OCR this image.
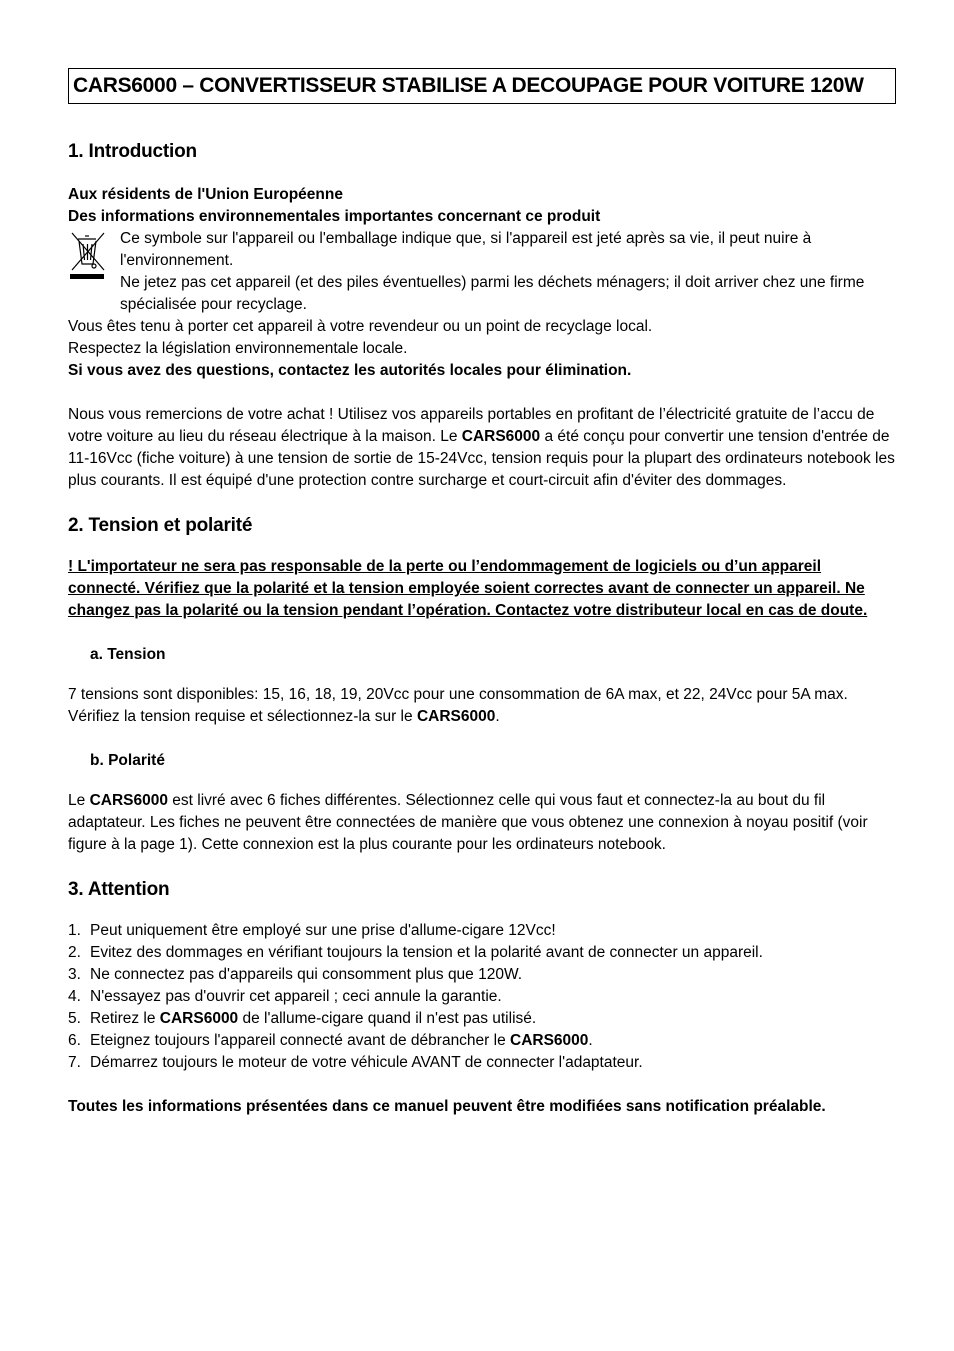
CARS6000 – CONVERTISSEUR STABILISE A DECOUPAGE POUR VOITURE 120W
1. Introduction

Aux résidents de l'Union Européenne

Des informations environnementales importantes concernant ce produit

Ce symbole sur l'appareil ou l'emballage indique que, si l'appareil est jeté après sa vie, il peut nuire à l'environnement.

Ne jetez pas cet appareil (et des piles éventuelles) parmi les déchets ménagers; il doit arriver chez une firme spécialisée pour recyclage.

Vous êtes tenu à porter cet appareil à votre revendeur ou un point de recyclage local.

Respectez la législation environnementale locale.

Si vous avez des questions, contactez les autorités locales pour élimination.

Nous vous remercions de votre achat ! Utilisez vos appareils portables en profitant de l’électricité gratuite de l’accu de votre voiture au lieu du réseau électrique à la maison. Le CARS6000 a été conçu pour convertir une tension d'entrée de 11-16Vcc (fiche voiture) à une tension de sortie de 15-24Vcc, tension requis pour la plupart des ordinateurs notebook les plus courants. Il est équipé d'une protection contre surcharge et court-circuit afin d'éviter des dommages.

2. Tension et polarité

! L'importateur ne sera pas responsable de la perte ou l’endommagement de logiciels ou d’un appareil connecté. Vérifiez que la polarité et la tension employée soient correctes avant de connecter un appareil. Ne changez pas la polarité ou la tension pendant l’opération. Contactez votre distributeur local en cas de doute.

a. Tension

7 tensions sont disponibles: 15, 16, 18, 19, 20Vcc pour une consommation de 6A max, et 22, 24Vcc pour 5A max. Vérifiez la tension requise et sélectionnez-la sur le CARS6000.

b. Polarité

Le CARS6000 est livré avec 6 fiches différentes. Sélectionnez celle qui vous faut et connectez-la au bout du fil adaptateur. Les fiches ne peuvent être connectées de manière que vous obtenez une connexion à noyau positif (voir figure à la page 1). Cette connexion est la plus courante pour les ordinateurs notebook.

3. Attention
1. Peut uniquement être employé sur une prise d'allume-cigare 12Vcc!
2. Evitez des dommages en vérifiant toujours la tension et la polarité avant de connecter un appareil.
3. Ne connectez pas d'appareils qui consomment plus que 120W.
4. N'essayez pas d'ouvrir cet appareil ; ceci annule la garantie.
5. Retirez le CARS6000 de l'allume-cigare quand il n'est pas utilisé.
6. Eteignez toujours l'appareil connecté avant de débrancher le CARS6000.
7. Démarrez toujours le moteur de votre véhicule AVANT de connecter l'adaptateur.

Toutes les informations présentées dans ce manuel peuvent être modifiées sans notification préalable.
